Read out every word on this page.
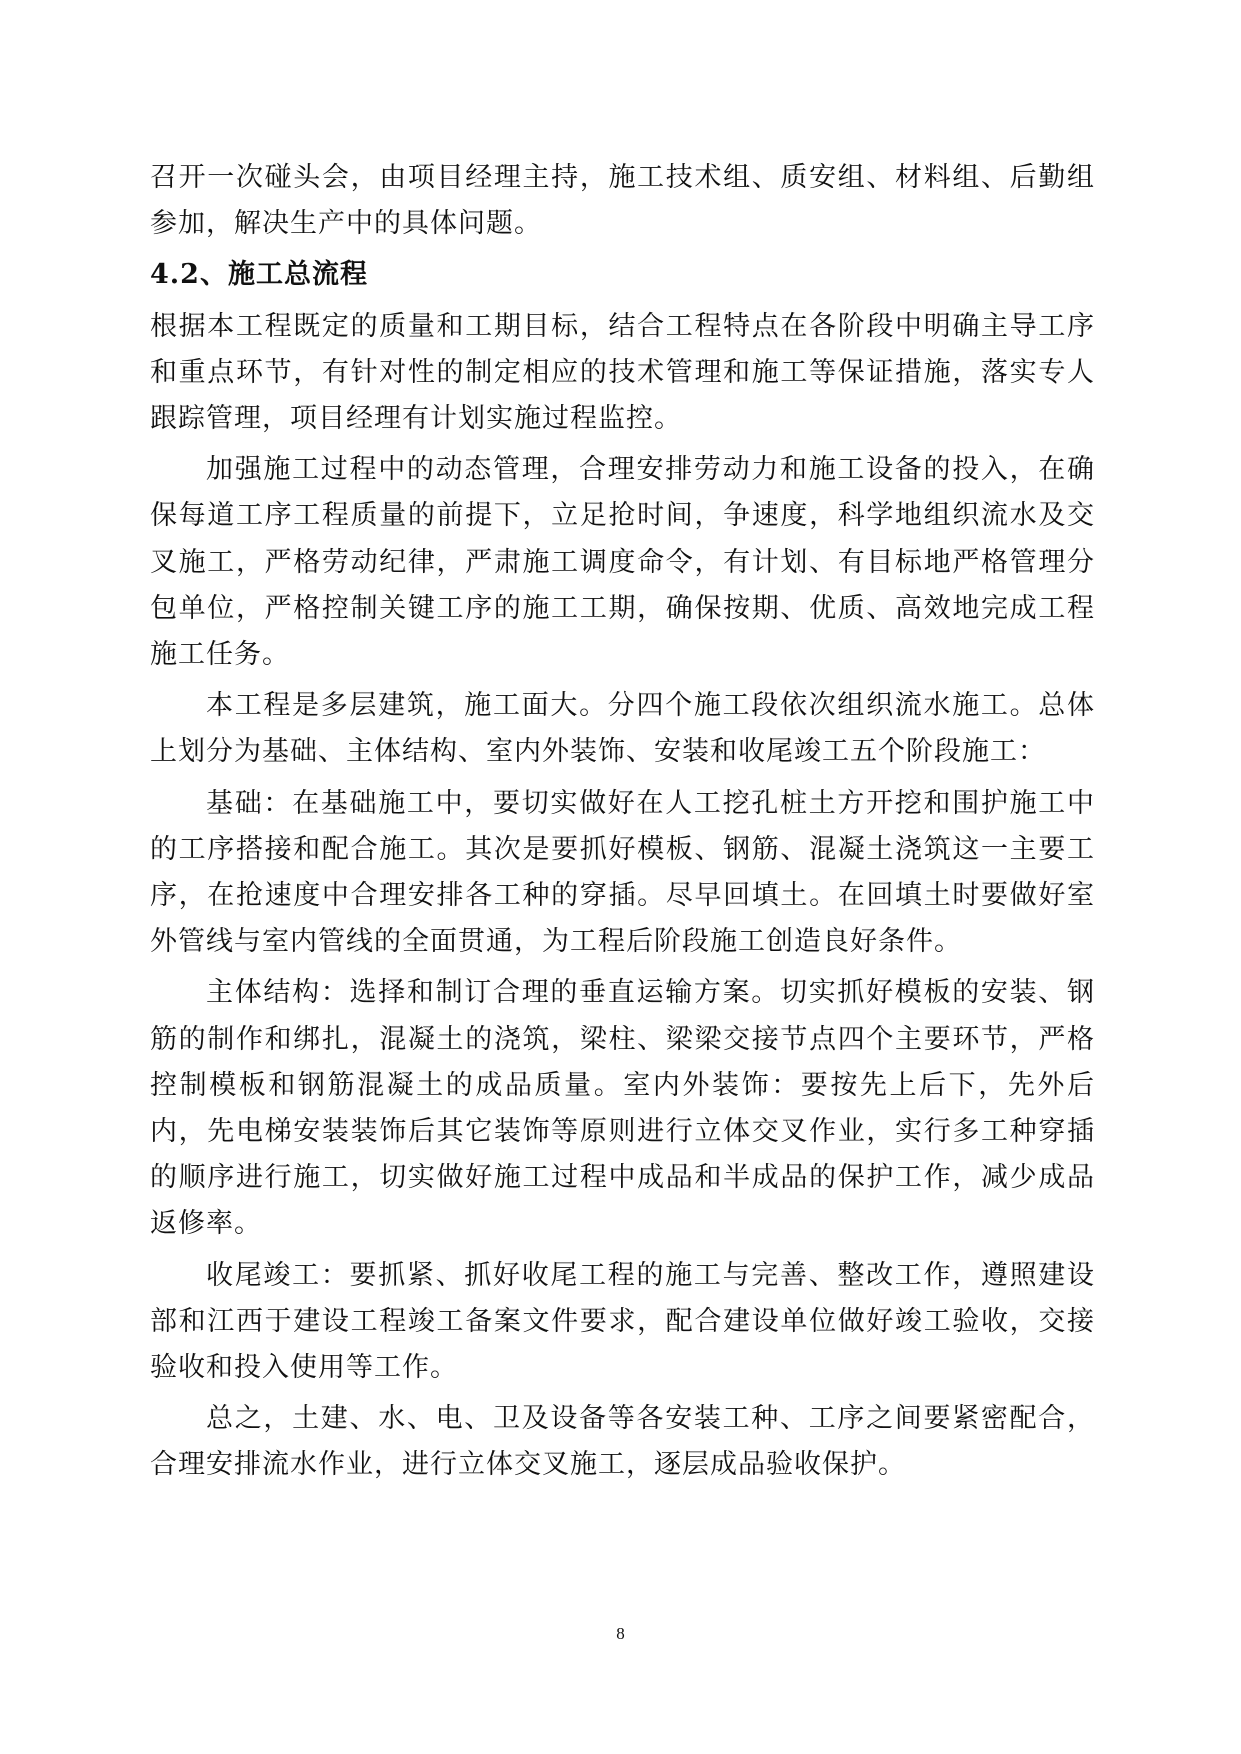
召开一次碰头会，由项目经理主持，施工技术组、质安组、材料组、后勤组参加，解决生产中的具体问题。

4.2、施工总流程

根据本工程既定的质量和工期目标，结合工程特点在各阶段中明确主导工序和重点环节，有针对性的制定相应的技术管理和施工等保证措施，落实专人跟踪管理，项目经理有计划实施过程监控。

加强施工过程中的动态管理，合理安排劳动力和施工设备的投入，在确保每道工序工程质量的前提下，立足抢时间，争速度，科学地组织流水及交叉施工，严格劳动纪律，严肃施工调度命令，有计划、有目标地严格管理分包单位，严格控制关键工序的施工工期，确保按期、优质、高效地完成工程施工任务。

本工程是多层建筑，施工面大。分四个施工段依次组织流水施工。总体上划分为基础、主体结构、室内外装饰、安装和收尾竣工五个阶段施工：

基础：在基础施工中，要切实做好在人工挖孔桩土方开挖和围护施工中的工序搭接和配合施工。其次是要抓好模板、钢筋、混凝土浇筑这一主要工序，在抢速度中合理安排各工种的穿插。尽早回填土。在回填土时要做好室外管线与室内管线的全面贯通，为工程后阶段施工创造良好条件。

主体结构：选择和制订合理的垂直运输方案。切实抓好模板的安装、钢筋的制作和绑扎，混凝土的浇筑，梁柱、梁梁交接节点四个主要环节，严格控制模板和钢筋混凝土的成品质量。室内外装饰：要按先上后下，先外后内，先电梯安装装饰后其它装饰等原则进行立体交叉作业，实行多工种穿插的顺序进行施工，切实做好施工过程中成品和半成品的保护工作，减少成品返修率。

收尾竣工：要抓紧、抓好收尾工程的施工与完善、整改工作，遵照建设部和江西于建设工程竣工备案文件要求，配合建设单位做好竣工验收，交接验收和投入使用等工作。

总之，土建、水、电、卫及设备等各安装工种、工序之间要紧密配合，合理安排流水作业，进行立体交叉施工，逐层成品验收保护。

8
